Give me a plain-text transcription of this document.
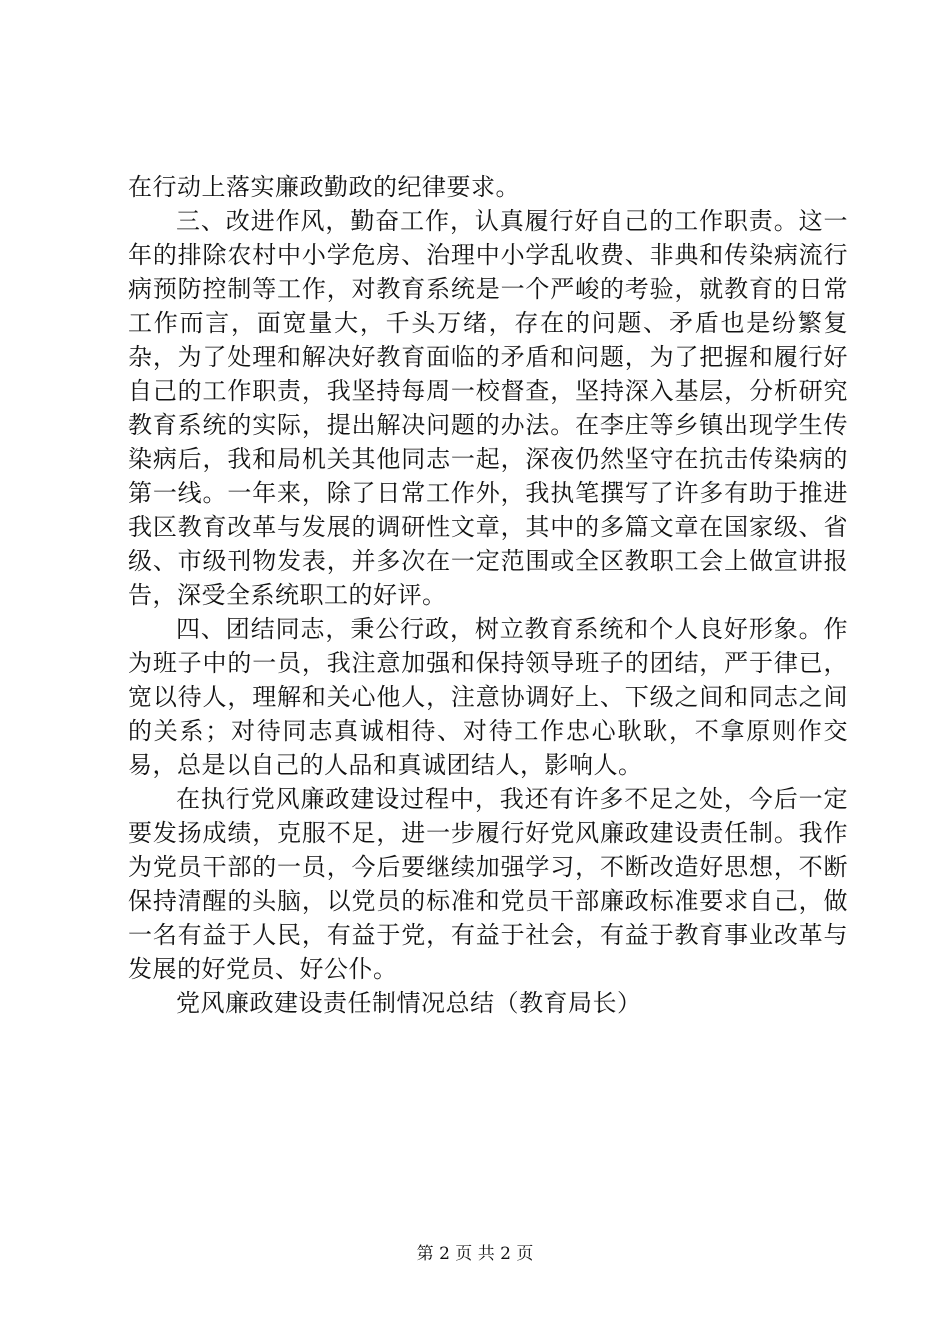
在行动上落实廉政勤政的纪律要求。

三、改进作风，勤奋工作，认真履行好自己的工作职责。这一年的排除农村中小学危房、治理中小学乱收费、非典和传染病流行病预防控制等工作，对教育系统是一个严峻的考验，就教育的日常工作而言，面宽量大，千头万绪，存在的问题、矛盾也是纷繁复杂，为了处理和解决好教育面临的矛盾和问题，为了把握和履行好自己的工作职责，我坚持每周一校督查，坚持深入基层，分析研究教育系统的实际，提出解决问题的办法。在李庄等乡镇出现学生传染病后，我和局机关其他同志一起，深夜仍然坚守在抗击传染病的第一线。一年来，除了日常工作外，我执笔撰写了许多有助于推进我区教育改革与发展的调研性文章，其中的多篇文章在国家级、省级、市级刊物发表，并多次在一定范围或全区教职工会上做宣讲报告，深受全系统职工的好评。

四、团结同志，秉公行政，树立教育系统和个人良好形象。作为班子中的一员，我注意加强和保持领导班子的团结，严于律已，宽以待人，理解和关心他人，注意协调好上、下级之间和同志之间的关系；对待同志真诚相待、对待工作忠心耿耿，不拿原则作交易，总是以自己的人品和真诚团结人，影响人。

在执行党风廉政建设过程中，我还有许多不足之处，今后一定要发扬成绩，克服不足，进一步履行好党风廉政建设责任制。我作为党员干部的一员，今后要继续加强学习，不断改造好思想，不断保持清醒的头脑，以党员的标准和党员干部廉政标准要求自己，做一名有益于人民，有益于党，有益于社会，有益于教育事业改革与发展的好党员、好公仆。

党风廉政建设责任制情况总结（教育局长）

第 2 页 共 2 页
